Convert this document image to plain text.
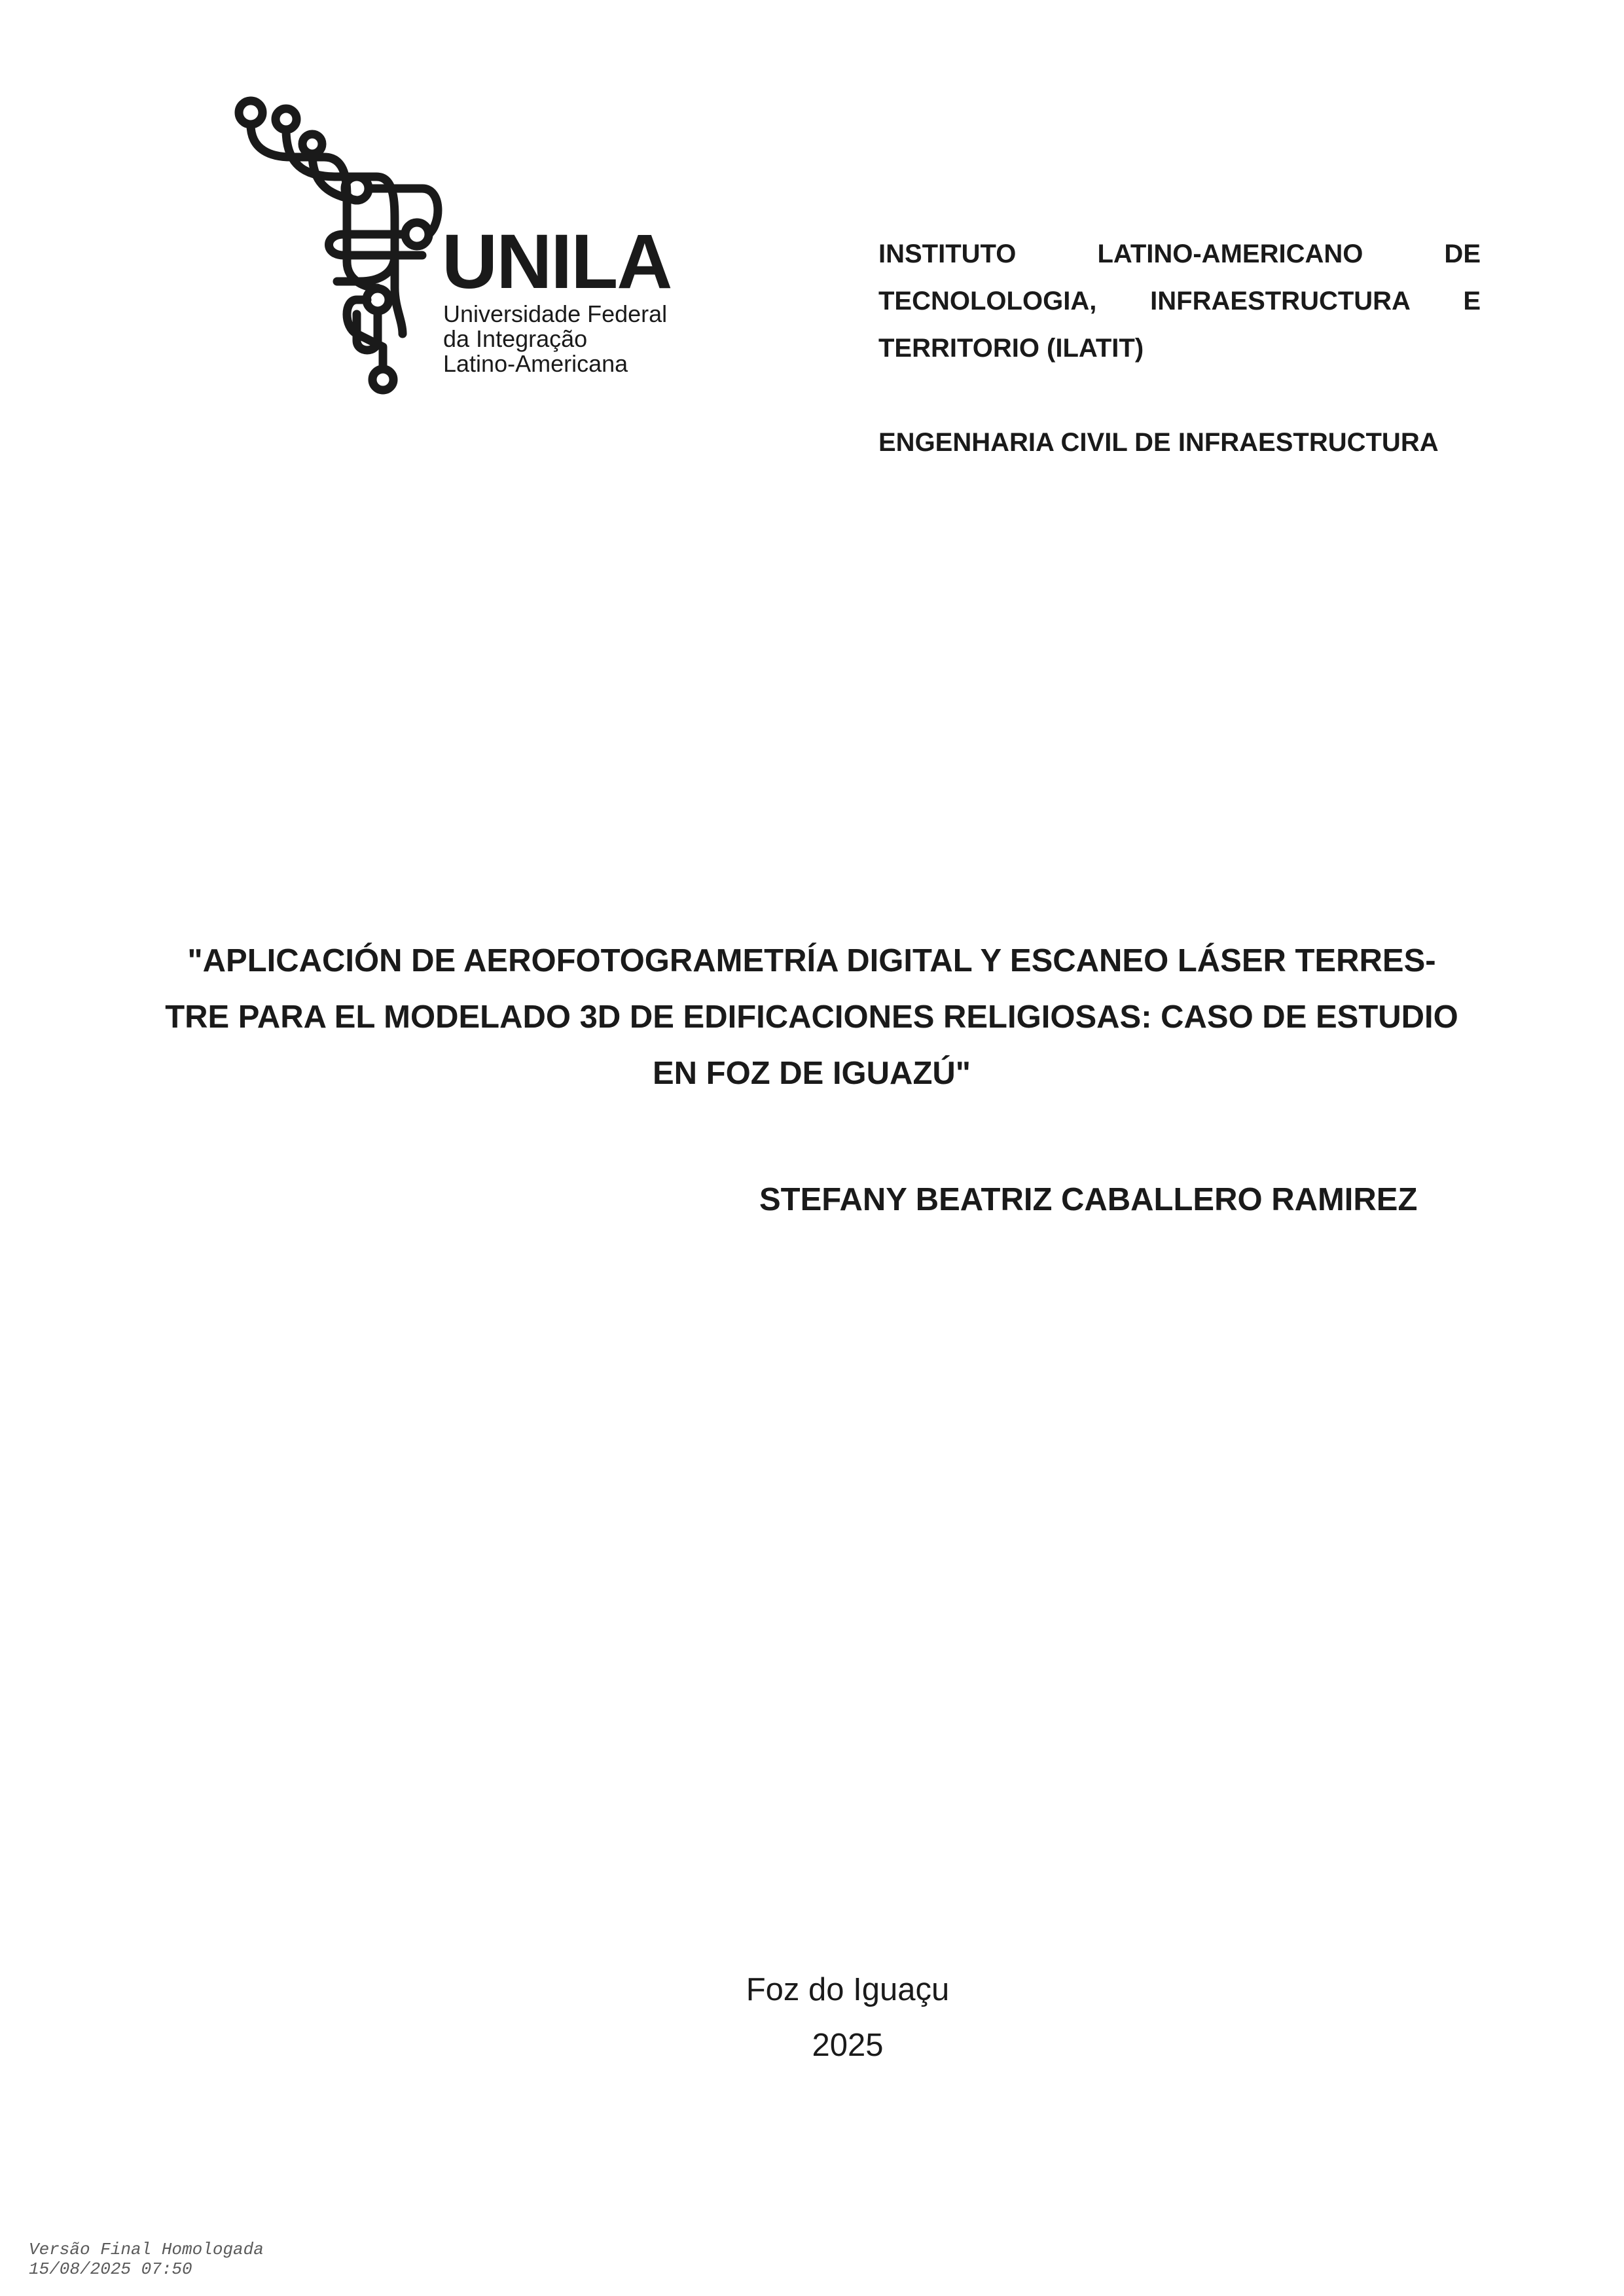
UNILA
Universidade Federal
da Integração
Latino-Americana
INSTITUTO LATINO-AMERICANO DE TECNOLOLOGIA, INFRAESTRUCTURA E TERRITORIO (ILATIT)
ENGENHARIA CIVIL DE INFRAESTRUCTURA
"APLICACIÓN DE AEROFOTOGRAMETRÍA DIGITAL Y ESCANEO LÁSER TERRES-
TRE PARA EL MODELADO 3D DE EDIFICACIONES RELIGIOSAS: CASO DE ESTUDIO
EN FOZ DE IGUAZÚ"
STEFANY BEATRIZ CABALLERO RAMIREZ
Foz do Iguaçu
2025
Versão Final Homologada
15/08/2025 07:50
